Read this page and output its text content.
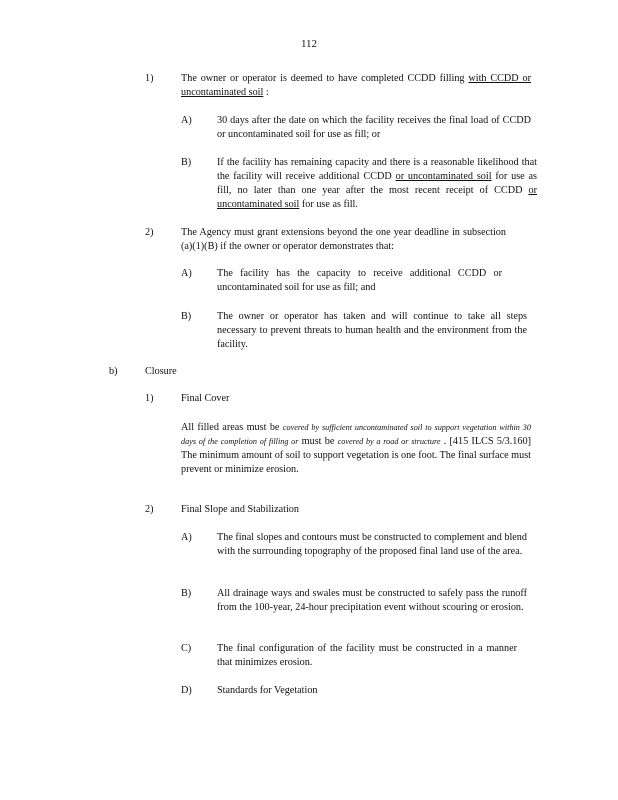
112
1)	The owner or operator is deemed to have completed CCDD filling with CCDD or uncontaminated soil :
A)	30 days after the date on which the facility receives the final load of CCDD or uncontaminated soil for use as fill; or
B)	If the facility has remaining capacity and there is a reasonable likelihood that the facility will receive additional CCDD or uncontaminated soil for use as fill, no later than one year after the most recent receipt of CCDD or uncontaminated soil for use as fill.
2)	The Agency must grant extensions beyond the one year deadline in subsection (a)(1)(B) if the owner or operator demonstrates that:
A)	The facility has the capacity to receive additional CCDD or uncontaminated soil for use as fill; and
B)	The owner or operator has taken and will continue to take all steps necessary to prevent threats to human health and the environment from the facility.
b)	Closure
1)	Final Cover
All filled areas must be covered by sufficient uncontaminated soil to support vegetation within 30 days of the completion of filling or must be covered by a road or structure . [415 ILCS 5/3.160] The minimum amount of soil to support vegetation is one foot. The final surface must prevent or minimize erosion.
2)	Final Slope and Stabilization
A)	The final slopes and contours must be constructed to complement and blend with the surrounding topography of the proposed final land use of the area.
B)	All drainage ways and swales must be constructed to safely pass the runoff from the 100-year, 24-hour precipitation event without scouring or erosion.
C)	The final configuration of the facility must be constructed in a manner that minimizes erosion.
D)	Standards for Vegetation
